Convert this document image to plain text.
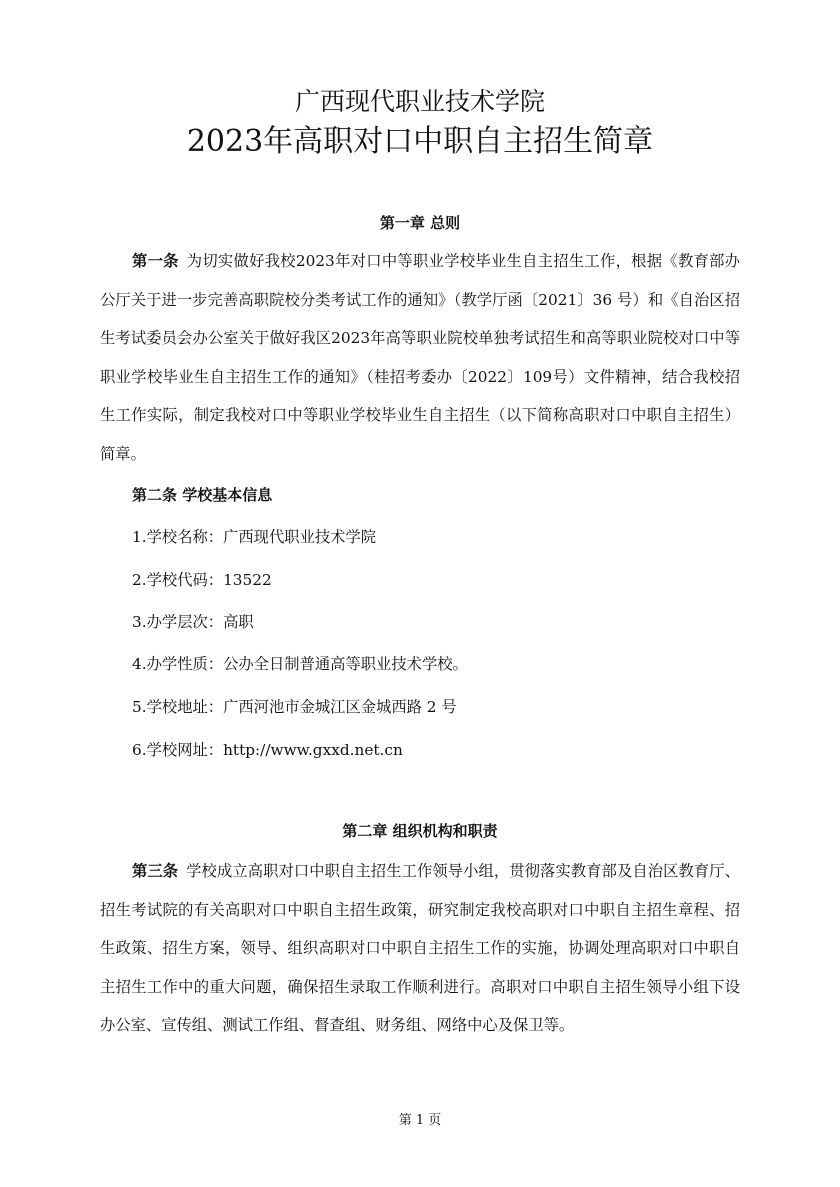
广西现代职业技术学院
2023年高职对口中职自主招生简章
第一章 总则

第一条 为切实做好我校2023年对口中等职业学校毕业生自主招生工作，根据《教育部办公厅关于进一步完善高职院校分类考试工作的通知》（教学厅函〔2021〕36 号）和《自治区招生考试委员会办公室关于做好我区2023年高等职业院校单独考试招生和高等职业院校对口中等职业学校毕业生自主招生工作的通知》（桂招考委办〔2022〕109号）文件精神，结合我校招生工作实际，制定我校对口中等职业学校毕业生自主招生（以下简称高职对口中职自主招生）简章。

第二条 学校基本信息

1.学校名称：广西现代职业技术学院

2.学校代码：13522

3.办学层次：高职

4.办学性质：公办全日制普通高等职业技术学校。

5.学校地址：广西河池市金城江区金城西路 2 号

6.学校网址：http://www.gxxd.net.cn

第二章 组织机构和职责

第三条 学校成立高职对口中职自主招生工作领导小组，贯彻落实教育部及自治区教育厅、招生考试院的有关高职对口中职自主招生政策，研究制定我校高职对口中职自主招生章程、招生政策、招生方案，领导、组织高职对口中职自主招生工作的实施，协调处理高职对口中职自主招生工作中的重大问题，确保招生录取工作顺利进行。高职对口中职自主招生领导小组下设办公室、宣传组、测试工作组、督查组、财务组、网络中心及保卫等。

第 1 页
